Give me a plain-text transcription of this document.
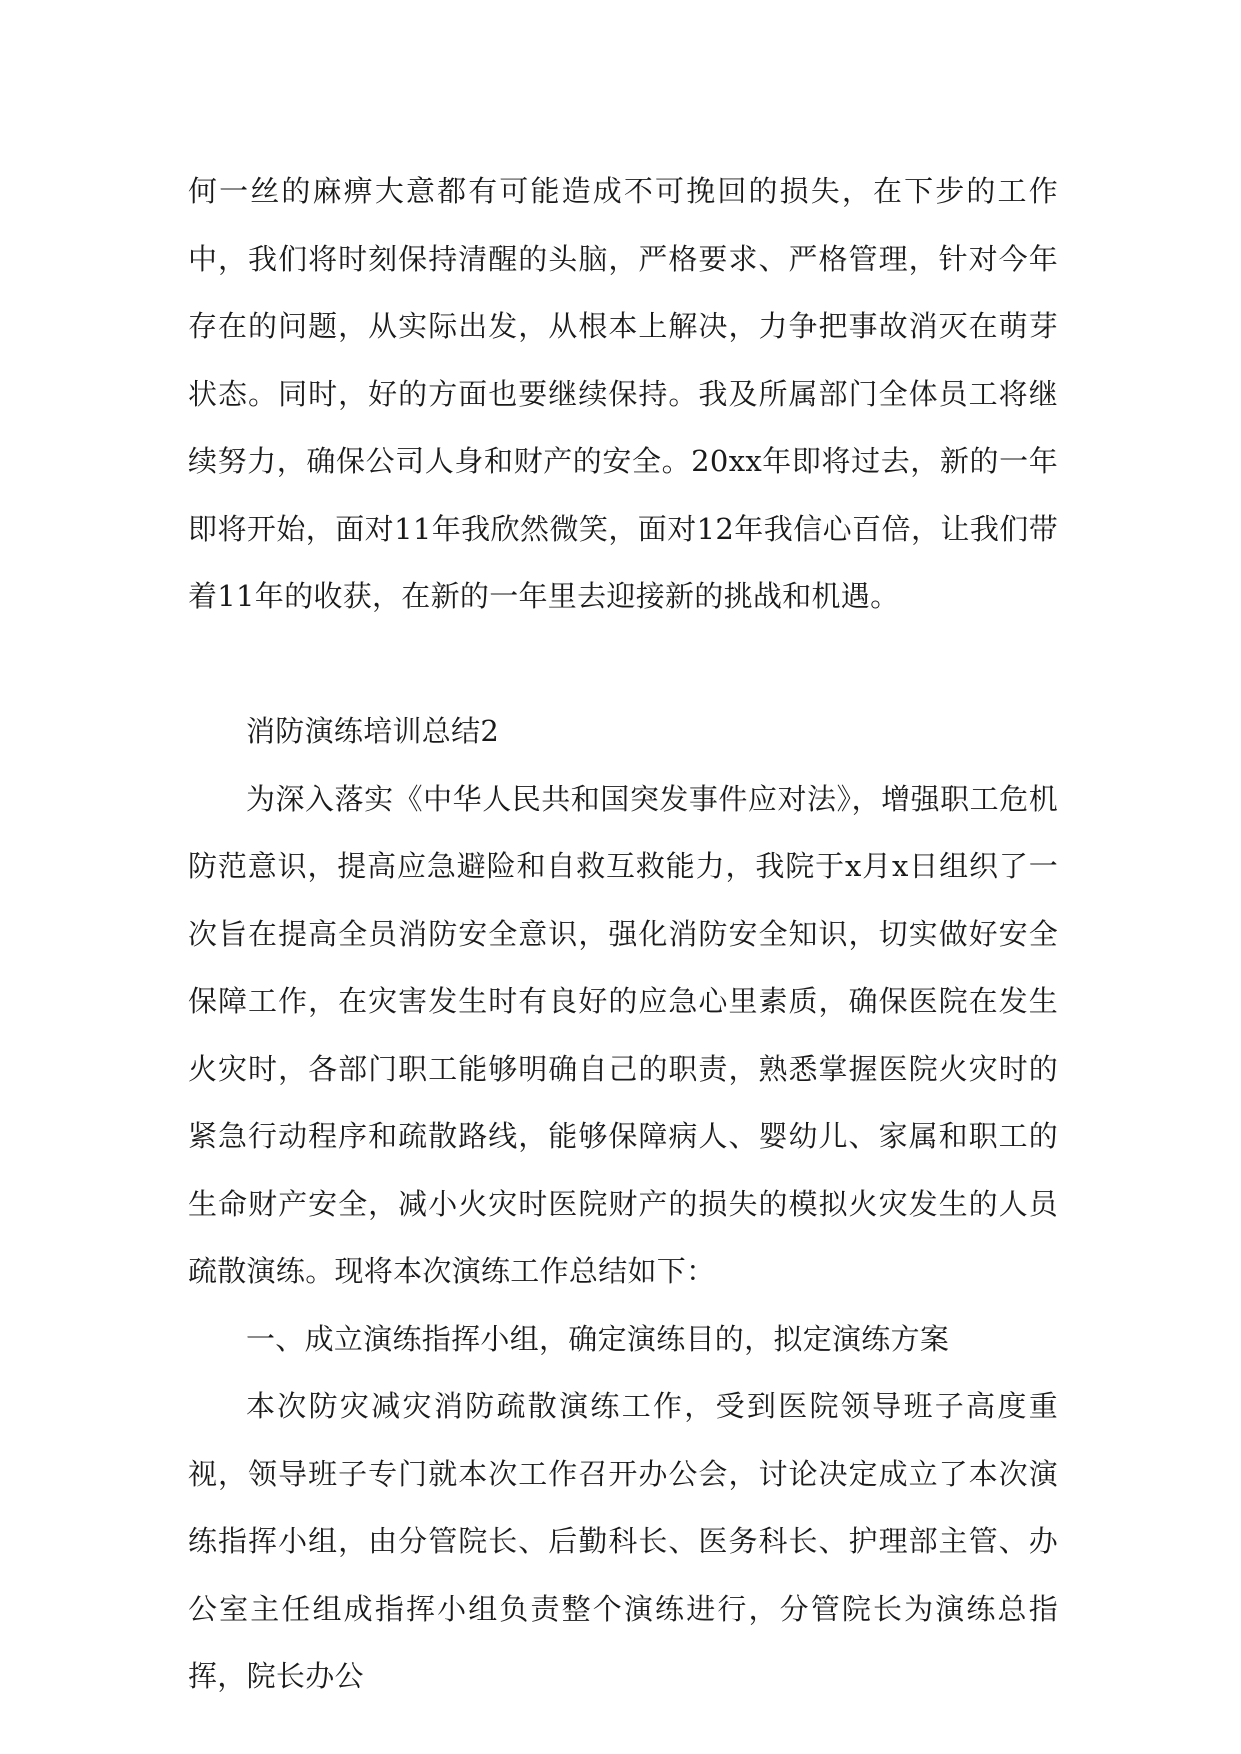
何一丝的麻痹大意都有可能造成不可挽回的损失，在下步的工作中，我们将时刻保持清醒的头脑，严格要求、严格管理，针对今年存在的问题，从实际出发，从根本上解决，力争把事故消灭在萌芽状态。同时，好的方面也要继续保持。我及所属部门全体员工将继续努力，确保公司人身和财产的安全。20xx年即将过去，新的一年即将开始，面对11年我欣然微笑，面对12年我信心百倍，让我们带着11年的收获，在新的一年里去迎接新的挑战和机遇。

消防演练培训总结2

为深入落实《中华人民共和国突发事件应对法》，增强职工危机防范意识，提高应急避险和自救互救能力，我院于x月x日组织了一次旨在提高全员消防安全意识，强化消防安全知识，切实做好安全保障工作，在灾害发生时有良好的应急心里素质，确保医院在发生火灾时，各部门职工能够明确自己的职责，熟悉掌握医院火灾时的紧急行动程序和疏散路线，能够保障病人、婴幼儿、家属和职工的生命财产安全，减小火灾时医院财产的损失的模拟火灾发生的人员疏散演练。现将本次演练工作总结如下：

一、成立演练指挥小组，确定演练目的，拟定演练方案

本次防灾减灾消防疏散演练工作，受到医院领导班子高度重视，领导班子专门就本次工作召开办公会，讨论决定成立了本次演练指挥小组，由分管院长、后勤科长、医务科长、护理部主管、办公室主任组成指挥小组负责整个演练进行，分管院长为演练总指挥，院长办公
